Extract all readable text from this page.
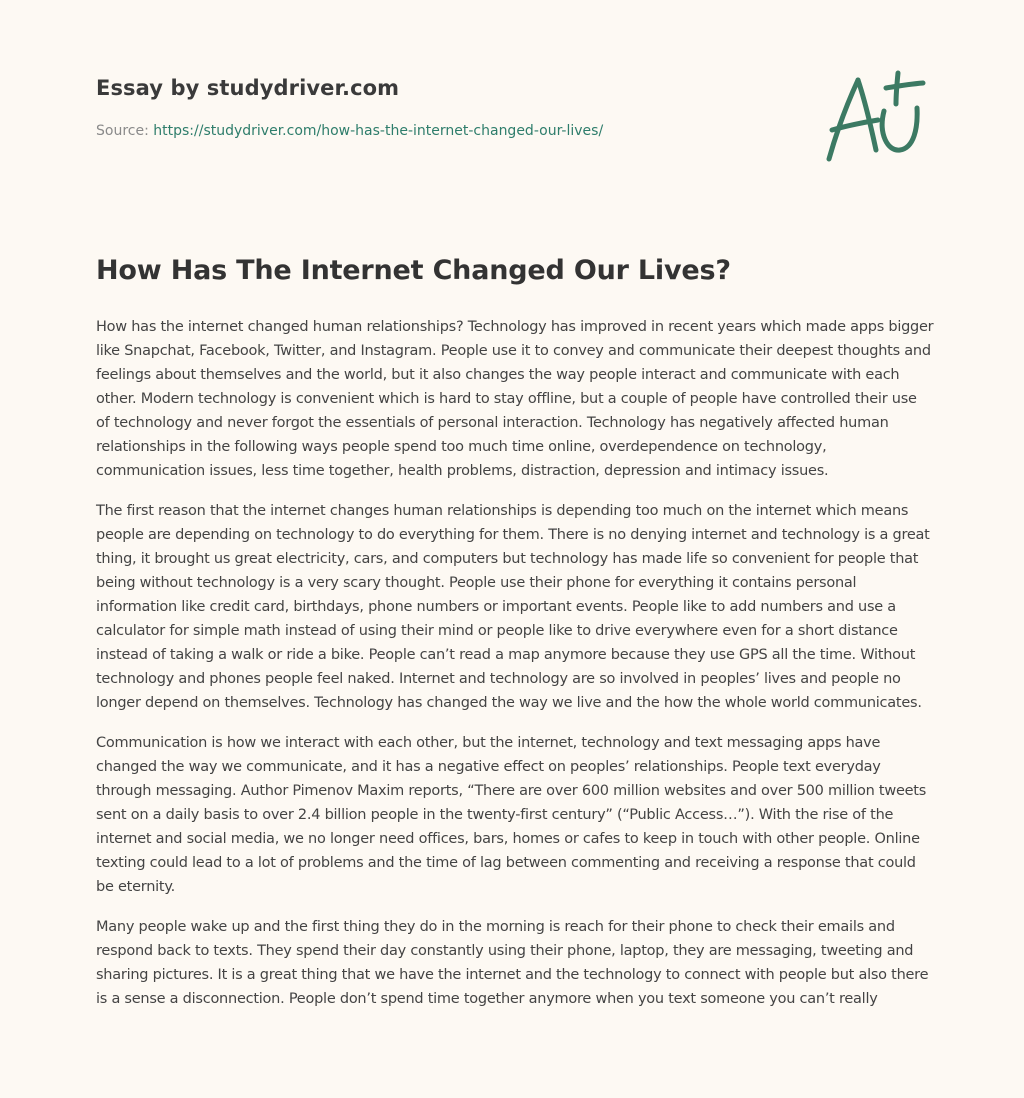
Essay by studydriver.com
Source: https://studydriver.com/how-has-the-internet-changed-our-lives/
How Has The Internet Changed Our Lives?

How has the internet changed human relationships? Technology has improved in recent years which made apps bigger like Snapchat, Facebook, Twitter, and Instagram. People use it to convey and communicate their deepest thoughts and feelings about themselves and the world, but it also changes the way people interact and communicate with each other. Modern technology is convenient which is hard to stay offline, but a couple of people have controlled their use of technology and never forgot the essentials of personal interaction. Technology has negatively affected human relationships in the following ways people spend too much time online, overdependence on technology, communication issues, less time together, health problems, distraction, depression and intimacy issues.

The first reason that the internet changes human relationships is depending too much on the internet which means people are depending on technology to do everything for them. There is no denying internet and technology is a great thing, it brought us great electricity, cars, and computers but technology has made life so convenient for people that being without technology is a very scary thought. People use their phone for everything it contains personal information like credit card, birthdays, phone numbers or important events. People like to add numbers and use a calculator for simple math instead of using their mind or people like to drive everywhere even for a short distance instead of taking a walk or ride a bike. People can’t read a map anymore because they use GPS all the time. Without technology and phones people feel naked. Internet and technology are so involved in peoples’ lives and people no longer depend on themselves. Technology has changed the way we live and the how the whole world communicates.

Communication is how we interact with each other, but the internet, technology and text messaging apps have changed the way we communicate, and it has a negative effect on peoples’ relationships. People text everyday through messaging. Author Pimenov Maxim reports, “There are over 600 million websites and over 500 million tweets sent on a daily basis to over 2.4 billion people in the twenty-first century” (“Public Access…”). With the rise of the internet and social media, we no longer need offices, bars, homes or cafes to keep in touch with other people. Online texting could lead to a lot of problems and the time of lag between commenting and receiving a response that could be eternity.

Many people wake up and the first thing they do in the morning is reach for their phone to check their emails and respond back to texts. They spend their day constantly using their phone, laptop, they are messaging, tweeting and sharing pictures. It is a great thing that we have the internet and the technology to connect with people but also there is a sense a disconnection. People don’t spend time together anymore when you text someone you can’t really
